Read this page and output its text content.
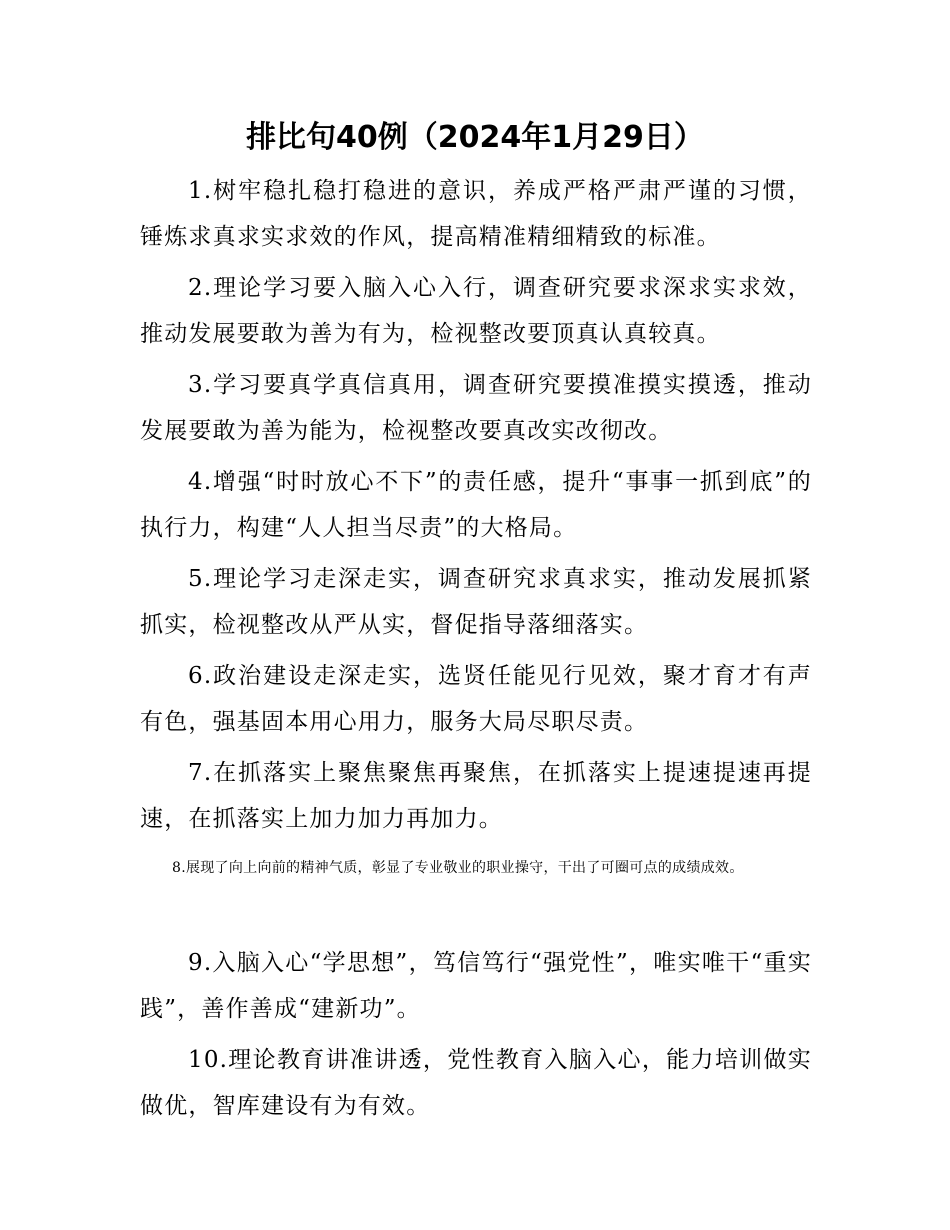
排比句40例（2024年1月29日）
1.树牢稳扎稳打稳进的意识，养成严格严肃严谨的习惯，锤炼求真求实求效的作风，提高精准精细精致的标准。
2.理论学习要入脑入心入行，调查研究要求深求实求效，推动发展要敢为善为有为，检视整改要顶真认真较真。
3.学习要真学真信真用，调查研究要摸准摸实摸透，推动发展要敢为善为能为，检视整改要真改实改彻改。
4.增强“时时放心不下”的责任感，提升“事事一抓到底”的执行力，构建“人人担当尽责”的大格局。
5.理论学习走深走实，调查研究求真求实，推动发展抓紧抓实，检视整改从严从实，督促指导落细落实。
6.政治建设走深走实，选贤任能见行见效，聚才育才有声有色，强基固本用心用力，服务大局尽职尽责。
7.在抓落实上聚焦聚焦再聚焦，在抓落实上提速提速再提速，在抓落实上加力加力再加力。
8.展现了向上向前的精神气质，彰显了专业敬业的职业操守，干出了可圈可点的成绩成效。
9.入脑入心“学思想”，笃信笃行“强党性”，唯实唯干“重实践”，善作善成“建新功”。
10.理论教育讲准讲透，党性教育入脑入心，能力培训做实做优，智库建设有为有效。
